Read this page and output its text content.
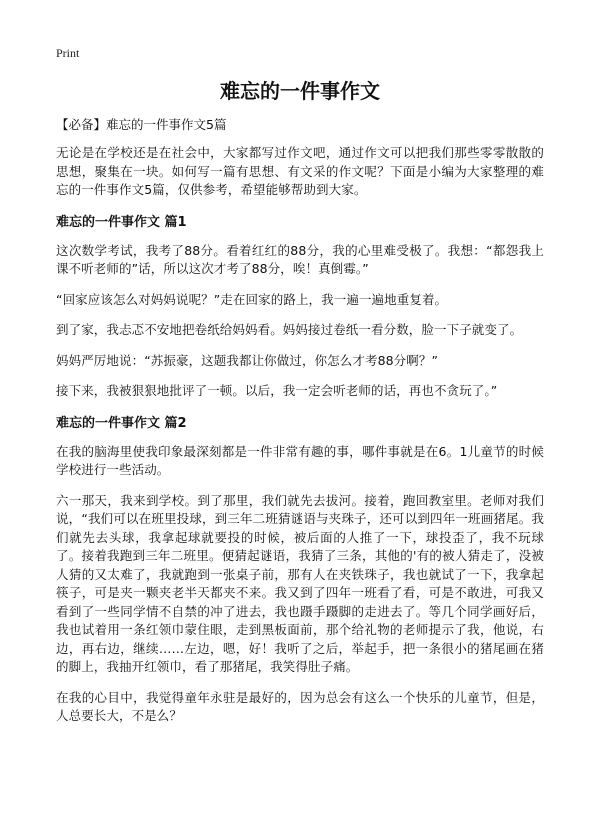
Print
难忘的一件事作文
【必备】难忘的一件事作文5篇

无论是在学校还是在社会中，大家都写过作文吧，通过作文可以把我们那些零零散散的思想，聚集在一块。如何写一篇有思想、有文采的作文呢？下面是小编为大家整理的难忘的一件事作文5篇，仅供参考，希望能够帮助到大家。

难忘的一件事作文 篇1

这次数学考试，我考了88分。看着红红的88分，我的心里难受极了。我想：“都怨我上课不听老师的”话，所以这次才考了88分，唉！真倒霉。”

“回家应该怎么对妈妈说呢？”走在回家的路上，我一遍一遍地重复着。

到了家，我忐忑不安地把卷纸给妈妈看。妈妈接过卷纸一看分数，脸一下子就变了。

妈妈严厉地说：“苏振豪，这题我都让你做过，你怎么才考88分啊？”

接下来，我被狠狠地批评了一顿。以后，我一定会听老师的话，再也不贪玩了。”

难忘的一件事作文 篇2

在我的脑海里使我印象最深刻都是一件非常有趣的事，哪件事就是在6。1儿童节的时候学校进行一些活动。

六一那天，我来到学校。到了那里，我们就先去拔河。接着，跑回教室里。老师对我们说，“我们可以在班里投球，到三年二班猜谜语与夹珠子，还可以到四年一班画猪尾。我们就先去头球，我拿起球就要投的时候，被后面的人推了一下，球投歪了，我不玩球了。接着我跑到三年二班里。便猜起谜语，我猜了三条，其他的'有的被人猜走了，没被人猜的又太难了，我就跑到一张桌子前，那有人在夹铁珠子，我也就试了一下，我拿起筷子，可是夹一颗夹老半天都夹不来。我又到了四年一班看了看，可是不敢进，可我又看到了一些同学情不自禁的冲了进去，我也蹑手蹑脚的走进去了。等几个同学画好后，我也试着用一条红领巾蒙住眼，走到黑板面前，那个给礼物的老师提示了我，他说，右边，再右边，继续……左边，嗯，好！我听了之后，举起手，把一条很小的猪尾画在猪的脚上，我抽开红领巾，看了那猪尾，我笑得肚子痛。

在我的心目中，我觉得童年永驻是最好的，因为总会有这么一个快乐的儿童节，但是，人总要长大，不是么？
